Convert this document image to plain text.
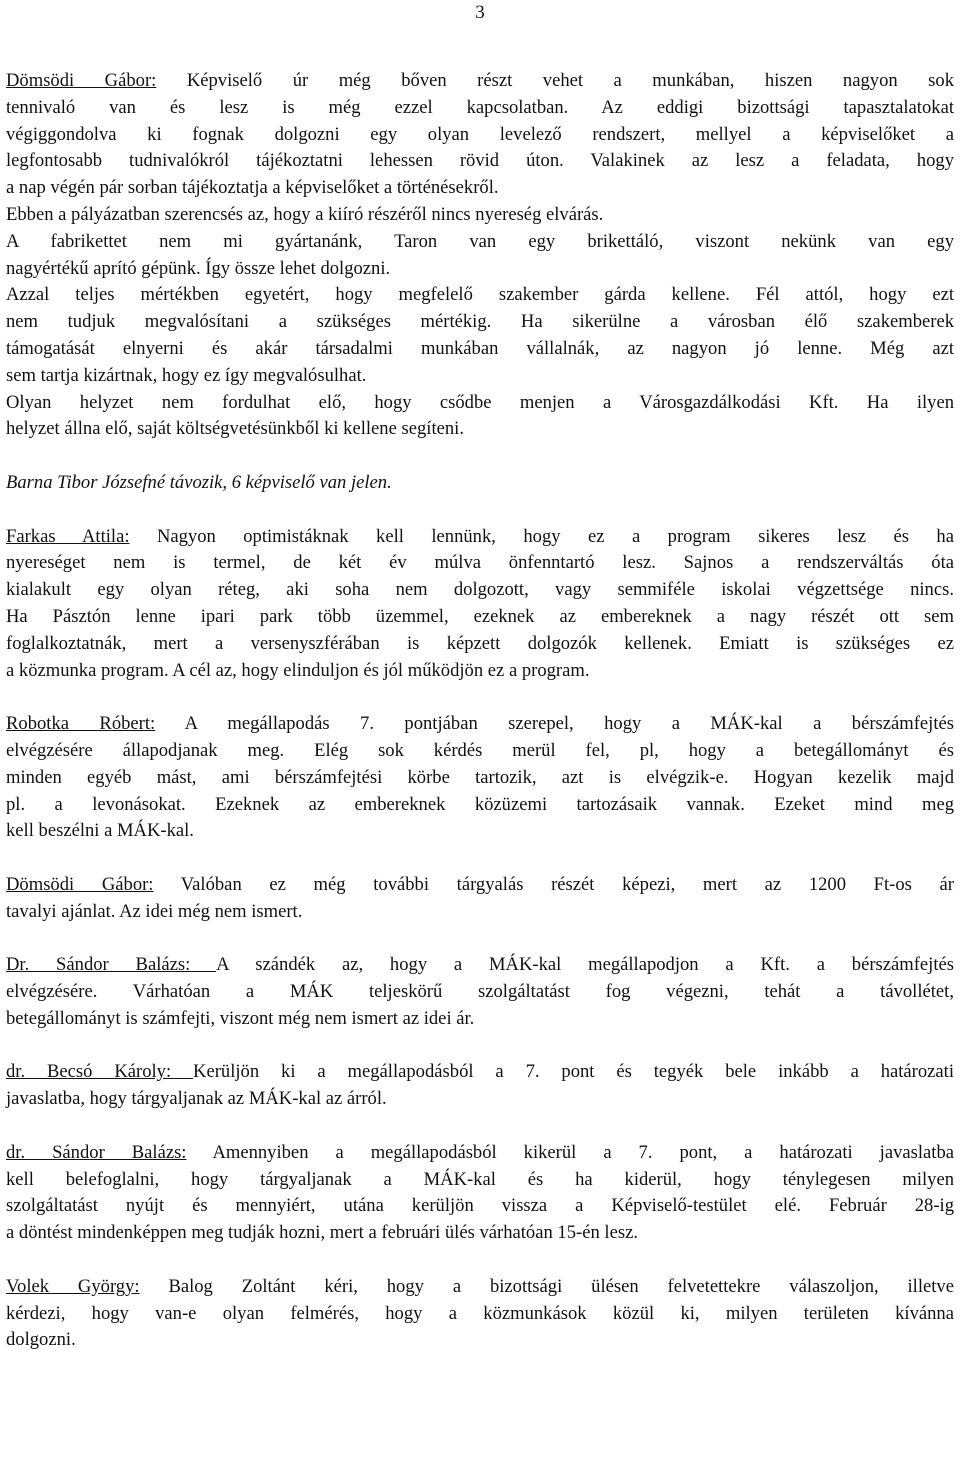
3
Dömsödi Gábor: Képviselő úr még bőven részt vehet a munkában, hiszen nagyon sok
tennivaló van és lesz is még ezzel kapcsolatban. Az eddigi bizottsági tapasztalatokat
végiggondolva ki fognak dolgozni egy olyan levelező rendszert, mellyel a képviselőket a
legfontosabb tudnivalókról tájékoztatni lehessen rövid úton. Valakinek az lesz a feladata, hogy
a nap végén pár sorban tájékoztatja a képviselőket a történésekről.
Ebben a pályázatban szerencsés az, hogy a kiíró részéről nincs nyereség elvárás.
A fabrikettet nem mi gyártanánk, Taron van egy brikettáló, viszont nekünk van egy
nagyértékű aprító gépünk. Így össze lehet dolgozni.
Azzal teljes mértékben egyetért, hogy megfelelő szakember gárda kellene. Fél attól, hogy ezt
nem tudjuk megvalósítani a szükséges mértékig. Ha sikerülne a városban élő szakemberek
támogatását elnyerni és akár társadalmi munkában vállalnák, az nagyon jó lenne. Még azt
sem tartja kizártnak, hogy ez így megvalósulhat.
Olyan helyzet nem fordulhat elő, hogy csődbe menjen a Városgazdálkodási Kft. Ha ilyen
helyzet állna elő, saját költségvetésünkből ki kellene segíteni.
Barna Tibor Józsefné távozik, 6 képviselő van jelen.
Farkas Attila: Nagyon optimistáknak kell lennünk, hogy ez a program sikeres lesz és ha
nyereséget nem is termel, de két év múlva önfenntartó lesz. Sajnos a rendszerváltás óta
kialakult egy olyan réteg, aki soha nem dolgozott, vagy semmiféle iskolai végzettsége nincs.
Ha Pásztón lenne ipari park több üzemmel, ezeknek az embereknek a nagy részét ott sem
foglalkoztatnák, mert a versenyszférában is képzett dolgozók kellenek. Emiatt is szükséges ez
a közmunka program. A cél az, hogy elinduljon és jól működjön ez a program.
Robotka Róbert: A megállapodás 7. pontjában szerepel, hogy a MÁK-kal a bérszámfejtés
elvégzésére állapodjanak meg. Elég sok kérdés merül fel, pl, hogy a betegállományt és
minden egyéb mást, ami bérszámfejtési körbe tartozik, azt is elvégzik-e. Hogyan kezelik majd
pl. a levonásokat. Ezeknek az embereknek közüzemi tartozásaik vannak. Ezeket mind meg
kell beszélni a MÁK-kal.
Dömsödi Gábor: Valóban ez még további tárgyalás részét képezi, mert az 1200 Ft-os ár
tavalyi ajánlat. Az idei még nem ismert.
Dr. Sándor Balázs: A szándék az, hogy a MÁK-kal megállapodjon a Kft. a bérszámfejtés
elvégzésére. Várhatóan a MÁK teljeskörű szolgáltatást fog végezni, tehát a távollétet,
betegállományt is számfejti, viszont még nem ismert az idei ár.
dr. Becsó Károly: Kerüljön ki a megállapodásból a 7. pont és tegyék bele inkább a határozati
javaslatba, hogy tárgyaljanak az MÁK-kal az árról.
dr. Sándor Balázs: Amennyiben a megállapodásból kikerül a 7. pont, a határozati javaslatba
kell belefoglalni, hogy tárgyaljanak a MÁK-kal és ha kiderül, hogy ténylegesen milyen
szolgáltatást nyújt és mennyiért, utána kerüljön vissza a Képviselő-testület elé. Február 28-ig
a döntést mindenképpen meg tudják hozni, mert a februári ülés várhatóan 15-én lesz.
Volek György: Balog Zoltánt kéri, hogy a bizottsági ülésen felvetettekre válaszoljon, illetve
kérdezi, hogy van-e olyan felmérés, hogy a közmunkások közül ki, milyen területen kívánna
dolgozni.
